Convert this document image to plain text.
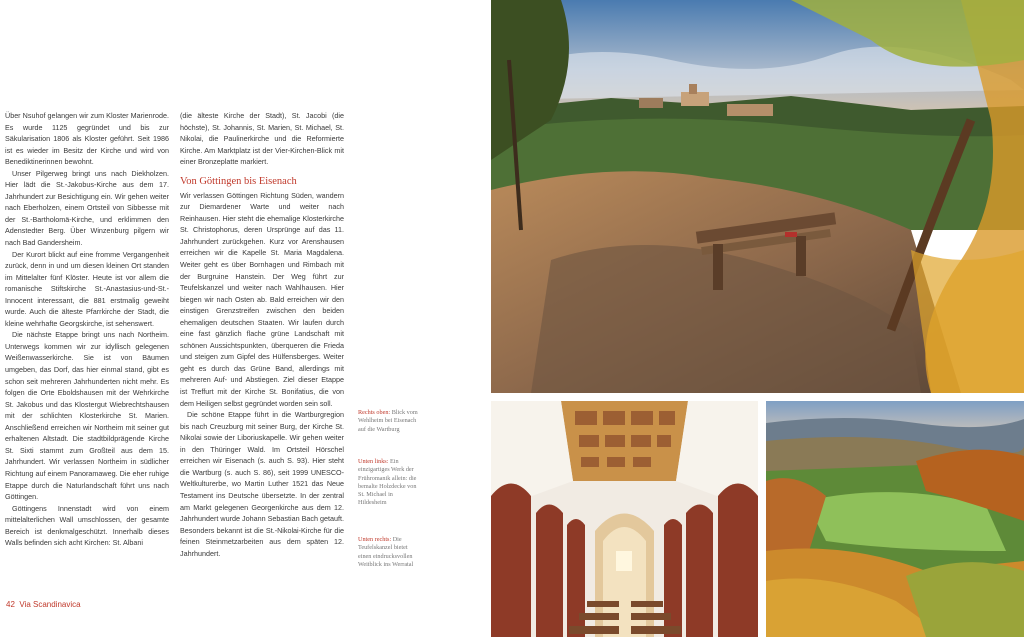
Über Nsuhof gelangen wir zum Kloster Marienrode. Es wurde 1125 gegründet und bis zur Säkularisation 1806 als Kloster geführt. Seit 1986 ist es wieder im Besitz der Kirche und wird von Benediktinerinnen bewohnt.

Unser Pilgerweg bringt uns nach Diekholzen. Hier lädt die St.-Jakobus-Kirche aus dem 17. Jahrhundert zur Besichtigung ein. Wir gehen weiter nach Eberholzen, einem Ortsteil von Sibbesse mit der St.-Bartholomä-Kirche, und erklimmen den Adenstedter Berg. Über Winzenburg pilgern wir nach Bad Gandersheim.

Der Kurort blickt auf eine fromme Vergangenheit zurück, denn in und um diesen kleinen Ort standen im Mittelalter fünf Klöster. Heute ist vor allem die romanische Stiftskirche St.-Anastasius-und-St.-Innocent interessant, die 881 erstmalig geweiht wurde. Auch die älteste Pfarrkirche der Stadt, die kleine wehrhafte Georgskirche, ist sehenswert.

Die nächste Etappe bringt uns nach Northeim. Unterwegs kommen wir zur idyllisch gelegenen Weißenwasserkirche. Sie ist von Bäumen umgeben, das Dorf, das hier einmal stand, gibt es schon seit mehreren Jahrhunderten nicht mehr. Es folgen die Orte Eboldshausen mit der Wehrkirche St. Jakobus und das Klostergut Wiebrechtshausen mit der schlichten Klosterkirche St. Marien. Anschließend erreichen wir Northeim mit seiner gut erhaltenen Altstadt. Die stadtbildprägende Kirche St. Sixti stammt zum Großteil aus dem 15. Jahrhundert. Wir verlassen Northeim in südlicher Richtung auf einem Panoramaweg. Die eher ruhige Etappe durch die Naturlandschaft führt uns nach Göttingen.

Göttingens Innenstadt wird von einem mittelalterlichen Wall umschlossen, der gesamte Bereich ist denkmalgeschützt. Innerhalb dieses Walls befinden sich acht Kirchen: St. Albani

(die älteste Kirche der Stadt), St. Jacobi (die höchste), St. Johannis, St. Marien, St. Michael, St. Nikolai, die Paulinerkirche und die Reformierte Kirche. Am Marktplatz ist der Vier-Kirchen-Blick mit einer Bronzeplatte markiert.

Von Göttingen bis Eisenach

Wir verlassen Göttingen Richtung Süden, wandern zur Diemardener Warte und weiter nach Reinhausen. Hier steht die ehemalige Klosterkirche St. Christophorus, deren Ursprünge auf das 11. Jahrhundert zurückgehen. Kurz vor Arenshausen erreichen wir die Kapelle St. Maria Magdalena. Weiter geht es über Bornhagen und Rimbach mit der Burgruine Hanstein. Der Weg führt zur Teufelskanzel und weiter nach Wahlhausen. Hier biegen wir nach Osten ab. Bald erreichen wir den einstigen Grenzstreifen zwischen den beiden ehemaligen deutschen Staaten. Wir laufen durch eine fast gänzlich flache grüne Landschaft mit schönen Aussichtspunkten, überqueren die Frieda und steigen zum Gipfel des Hülfensberges. Weiter geht es durch das Grüne Band, allerdings mit mehreren Auf- und Abstiegen. Ziel dieser Etappe ist Treffurt mit der Kirche St. Bonifatius, die von dem Heiligen selbst gegründet worden sein soll.

Die schöne Etappe führt in die Wartburgregion bis nach Creuzburg mit seiner Burg, der Kirche St. Nikolai sowie der Liboriuskapelle. Wir gehen weiter in den Thüringer Wald. Im Ortsteil Hörschel erreichen wir Eisenach (s. auch S. 93). Hier steht die Wartburg (s. auch S. 86), seit 1999 UNESCO-Weltkulturerbe, wo Martin Luther 1521 das Neue Testament ins Deutsche übersetzte. In der zentral am Markt gelegenen Georgenkirche aus dem 12. Jahrhundert wurde Johann Sebastian Bach getauft. Besonders bekannt ist die St.-Nikolai-Kirche für die feinen Steinmetzarbeiten aus dem späten 12. Jahrhundert.

Rechts oben: Blick vom Wehlheim bei Eisenach auf die Wartburg
Unten links: Ein einzigartiges Werk der Frühromanik allein: die bemalte Holzdecke von St. Michael in Hildesheim
Unten rechts: Die Teufelskanzel bietet einen eindrucksvollen Weitblick ins Werratal
42 Via Scandinavica
